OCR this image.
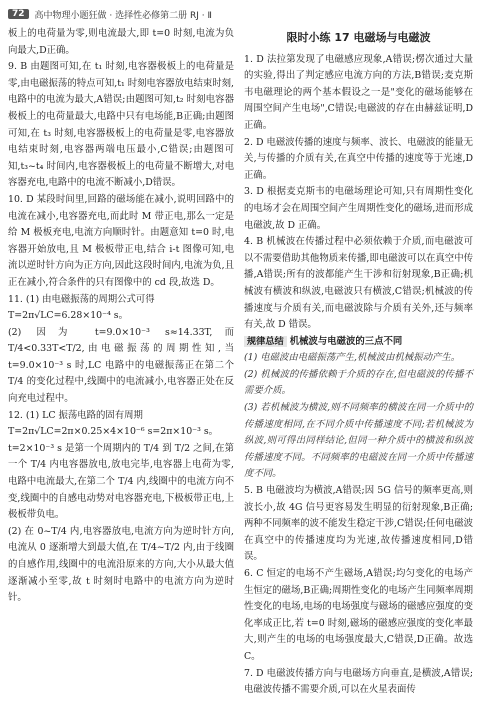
72	高中物理小题狂做 · 选择性必修第二册 RJ · Ⅱ

板上的电荷量为零,则电流最大,即 t=0 时刻,电流为负向最大,D正确。

9. B 由题图可知,在 t₁ 时刻,电容器极板上的电荷量是零,由电磁振荡的特点可知,t₁ 时刻电容器放电结束时刻,电路中的电流为最大,A错误;由题图可知,t₂ 时刻电容器极板上的电荷量最大,电路中只有电场能,B正确;由题图可知,在 t₃ 时刻,电容器极板上的电荷量是零,电容器放电结束时刻,电容器两端电压最小,C错误;由题图可知,t₃~t₄ 时间内,电容器极板上的电荷量不断增大,对电容器充电,电路中的电流不断减小,D错误。

10. D 某段时间里,回路的磁场能在减小,说明回路中的电流在减小,电容器充电,而此时 M 带正电,那么一定是给 M 极板充电,电流方向顺时针。由题意知 t=0 时,电容器开始放电,且 M 极板带正电,结合 i-t 图像可知,电流以逆时针方向为正方向,因此这段时间内,电流为负,且正在减小,符合条件的只有图像中的 cd 段,故选 D。

11. (1) 由电磁振荡的周期公式可得

T=2π√LC=6.28×10⁻⁴ s。

(2) 因为 t=9.0×10⁻³ s≈14.33T,而 T/4<0.33T<T/2,由电磁振荡的周期性知,当 t=9.0×10⁻³ s 时,LC 电路中的电磁振荡正在第二个 T/4 的变化过程中,线圈中的电流减小,电容器正处在反向充电过程中。

12. (1) LC 振荡电路的固有周期

T=2π√LC=2π×0.25×4×10⁻⁶ s=2π×10⁻³ s。

t=2×10⁻³ s 是第一个周期内的 T/4 到 T/2 之间,在第一个 T/4 内电容器放电,放电完毕,电容器上电荷为零,电路中电流最大,在第二个 T/4 内,线圈中的电流方向不变,线圈中的自感电动势对电容器充电,下极板带正电,上极板带负电。

(2) 在 0~T/4 内,电容器放电,电流方向为逆时针方向,电流从 0 逐渐增大到最大值,在 T/4~T/2 内,由于线圈的自感作用,线圈中的电流沿原来的方向,大小从最大值逐渐减小至零,故 t 时刻时电路中的电流方向为逆时针。

限时小练 17 电磁场与电磁波

1. D 法拉第发现了电磁感应现象,A错误;楞次通过大量的实验,得出了判定感应电流方向的方法,B错误;麦克斯韦电磁理论的两个基本假设之一是"变化的磁场能够在周围空间产生电场",C错误;电磁波的存在由赫兹证明,D正确。

2. D 电磁波传播的速度与频率、波长、电磁波的能量无关,与传播的介质有关,在真空中传播的速度等于光速,D正确。

3. D 根据麦克斯韦的电磁场理论可知,只有周期性变化的电场才会在周围空间产生周期性变化的磁场,进而形成电磁波,故 D 正确。

4. B 机械波在传播过程中必须依赖于介质,而电磁波可以不需要借助其他物质来传播,即电磁波可以在真空中传播,A错误;所有的波都能产生干涉和衍射现象,B正确;机械波有横波和纵波,电磁波只有横波,C错误;机械波的传播速度与介质有关,而电磁波除与介质有关外,还与频率有关,故 D 错误。

规律总结 机械波与电磁波的三点不同

(1) 电磁波由电磁振荡产生,机械波由机械振动产生。

(2) 机械波的传播依赖于介质的存在,但电磁波的传播不需要介质。

(3) 若机械波为横波,则不同频率的横波在同一介质中的传播速度相同,在不同介质中传播速度不同;若机械波为纵波,则可得出同样结论,但同一种介质中的横波和纵波传播速度不同。不同频率的电磁波在同一介质中传播速度不同。

5. B 电磁波均为横波,A错误;因 5G 信号的频率更高,则波长小,故 4G 信号更容易发生明显的衍射现象,B正确;两种不同频率的波不能发生稳定干涉,C错误;任何电磁波在真空中的传播速度均为光速,故传播速度相同,D错误。

6. C 恒定的电场不产生磁场,A错误;均匀变化的电场产生恒定的磁场,B正确;周期性变化的电场产生同频率周期性变化的电场,电场的电场强度与磁场的磁感应强度的变化率成正比,若 t=0 时刻,磁场的磁感应强度的变化率最大,则产生的电场的电场强度最大,C错误,D正确。故选 C。

7. D 电磁波传播方向与电磁场方向垂直,是横波,A错误;电磁波传播不需要介质,可以在火星表面传
